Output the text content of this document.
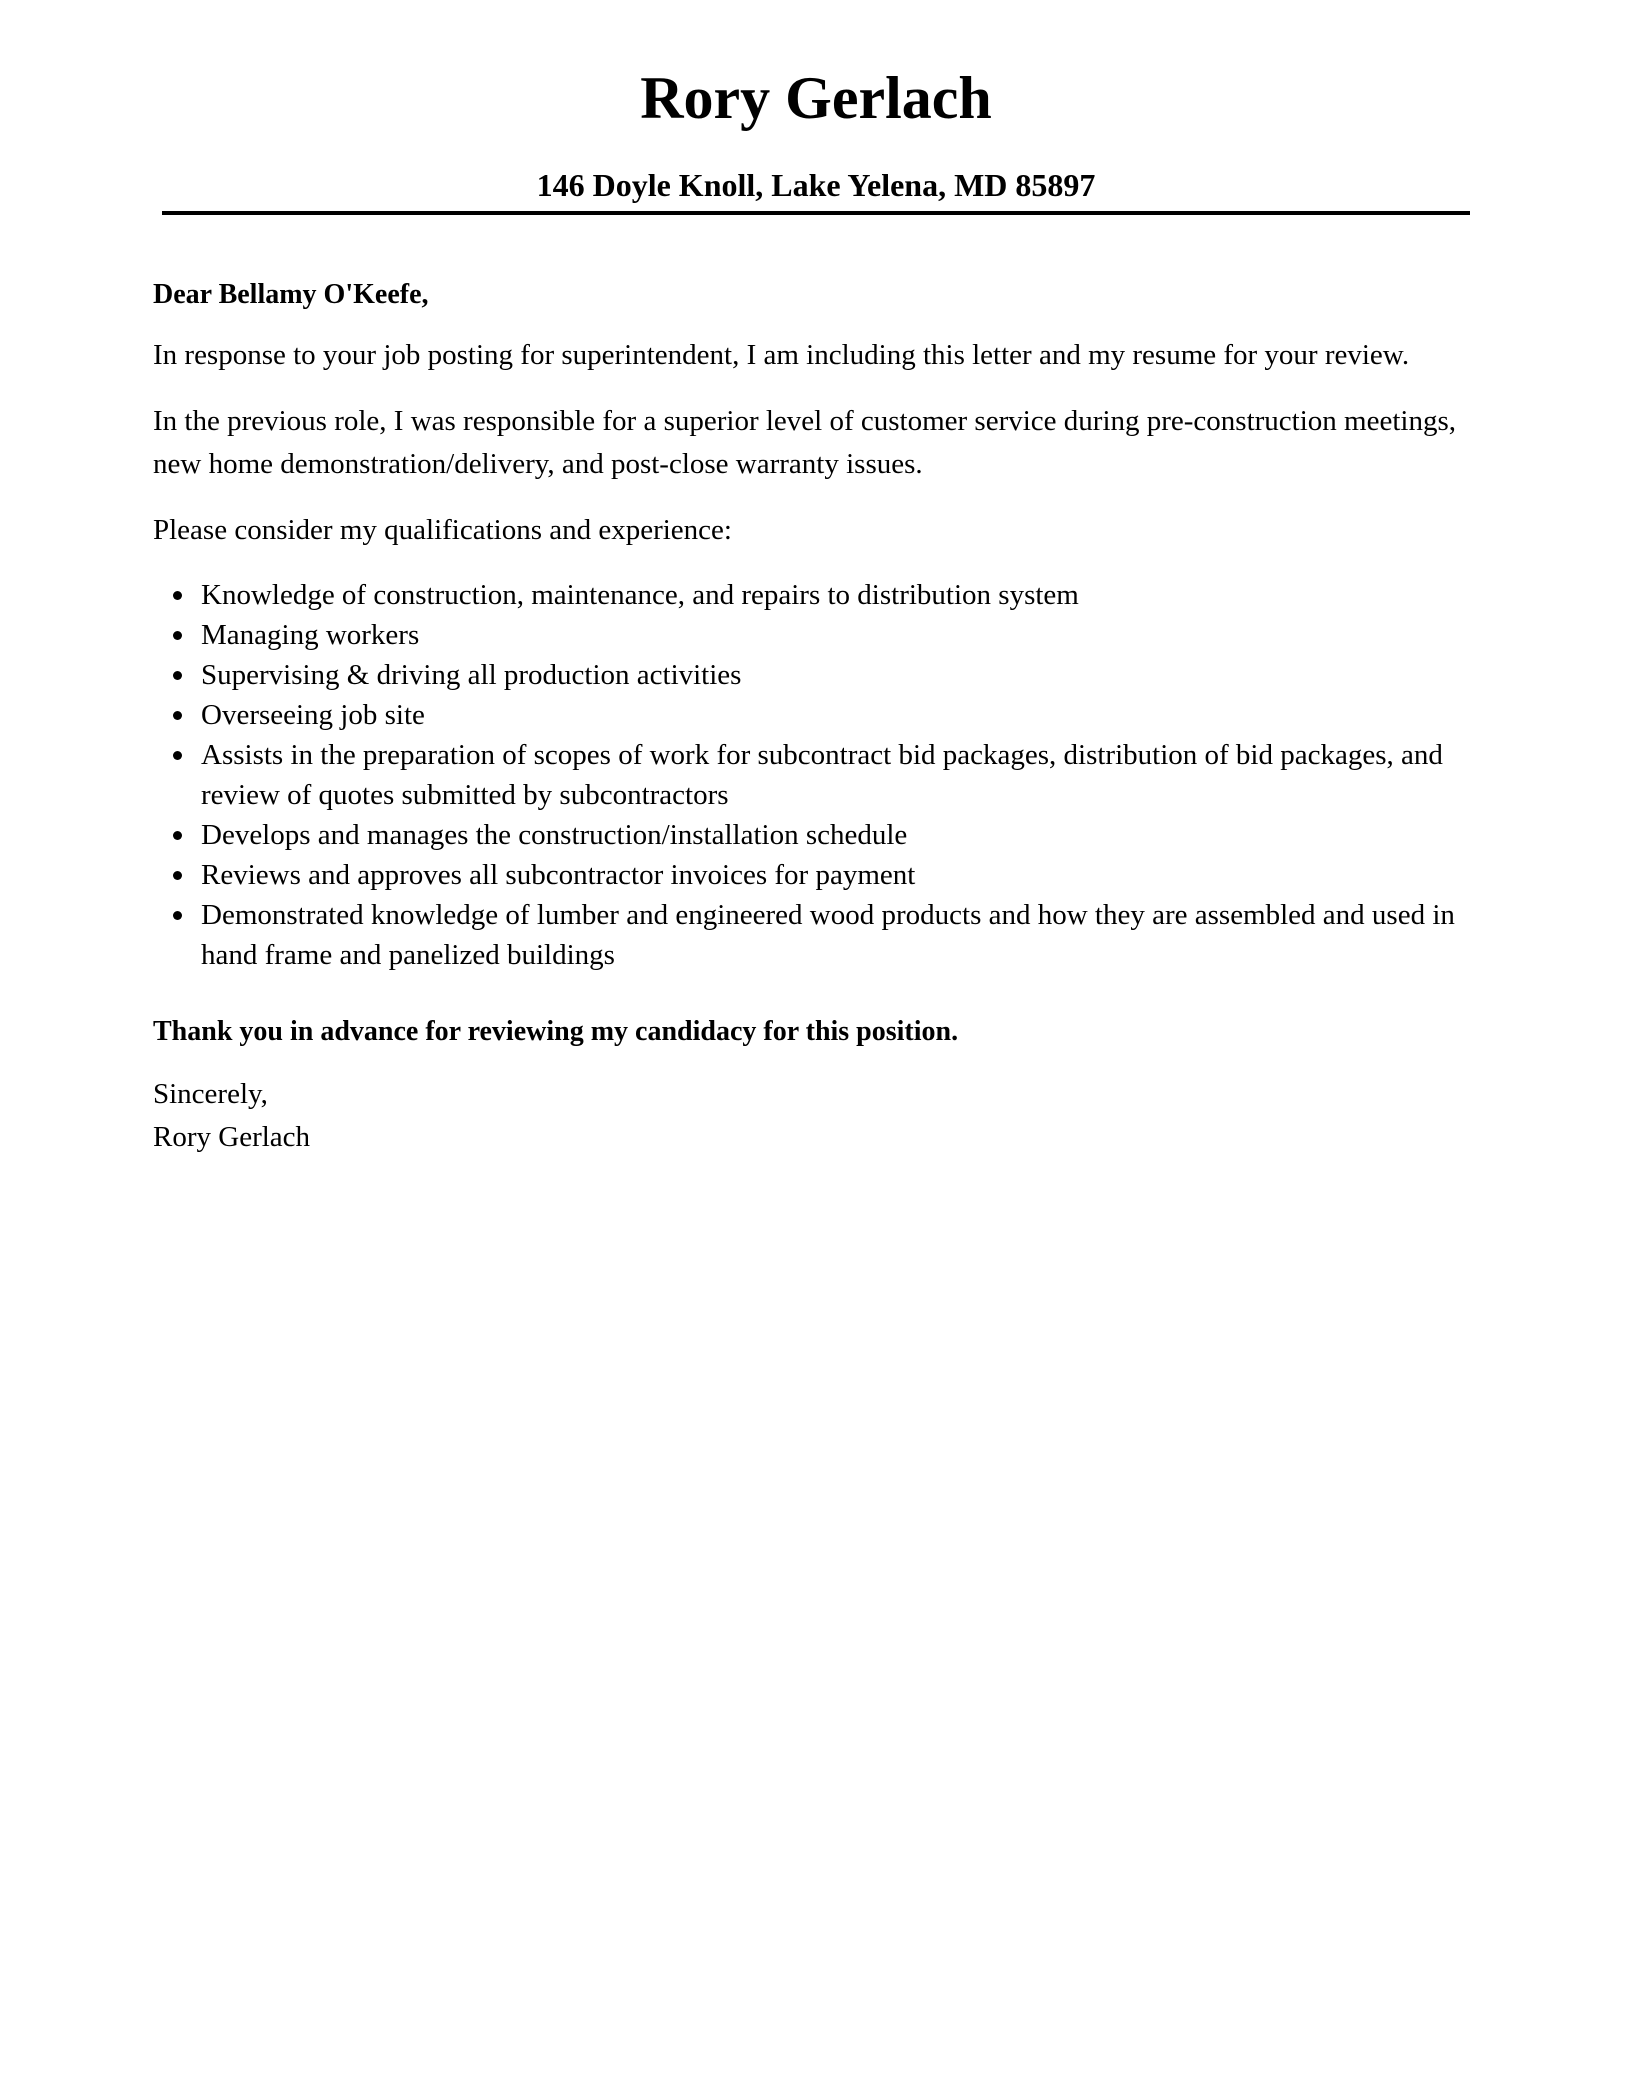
Rory Gerlach
146 Doyle Knoll, Lake Yelena, MD 85897
Dear Bellamy O'Keefe,

In response to your job posting for superintendent, I am including this letter and my resume for your review.

In the previous role, I was responsible for a superior level of customer service during pre-construction meetings, new home demonstration/delivery, and post-close warranty issues.

Please consider my qualifications and experience:

Knowledge of construction, maintenance, and repairs to distribution system
Managing workers
Supervising & driving all production activities
Overseeing job site
Assists in the preparation of scopes of work for subcontract bid packages, distribution of bid packages, and review of quotes submitted by subcontractors
Develops and manages the construction/installation schedule
Reviews and approves all subcontractor invoices for payment
Demonstrated knowledge of lumber and engineered wood products and how they are assembled and used in hand frame and panelized buildings
Thank you in advance for reviewing my candidacy for this position.
Sincerely,
Rory Gerlach
